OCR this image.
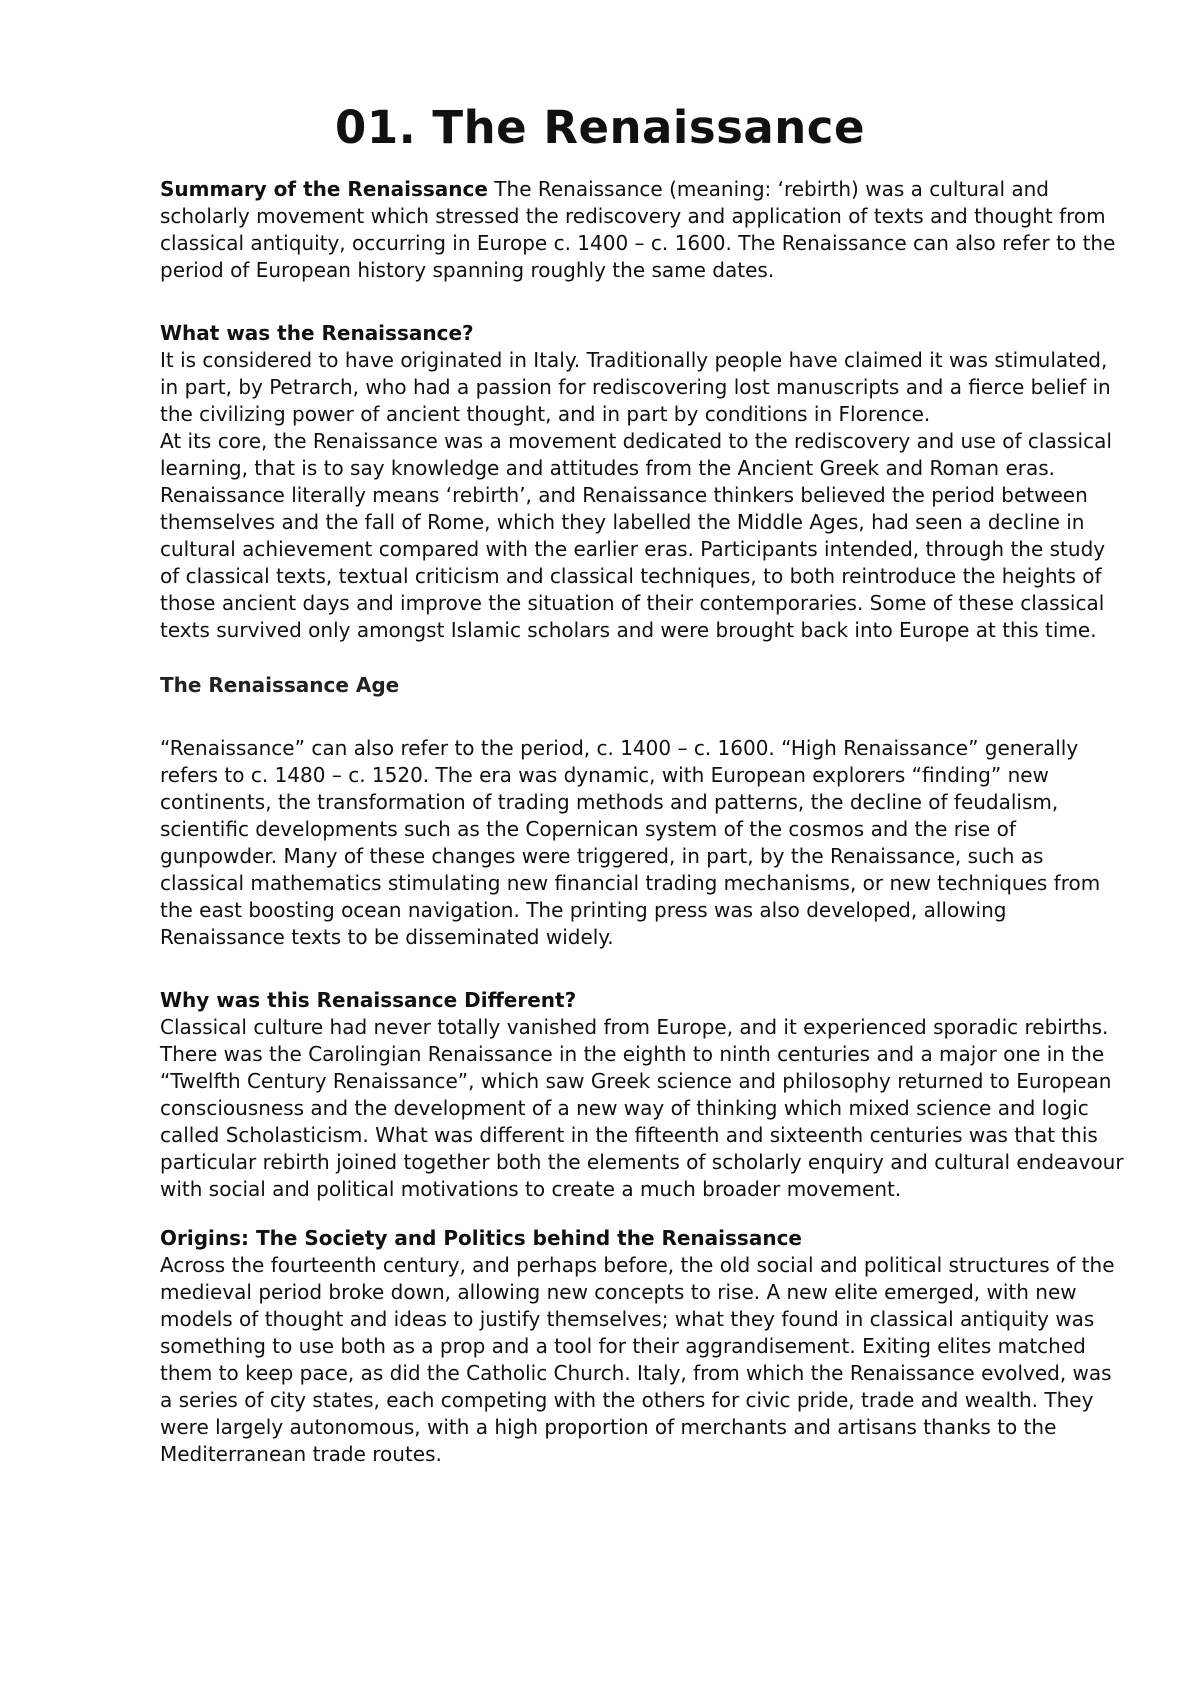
01. The Renaissance

Summary of the Renaissance The Renaissance (meaning: ‘rebirth) was a cultural and scholarly movement which stressed the rediscovery and application of texts and thought from classical antiquity, occurring in Europe c. 1400 – c. 1600. The Renaissance can also refer to the period of European history spanning roughly the same dates.

What was the Renaissance?

It is considered to have originated in Italy. Traditionally people have claimed it was stimulated, in part, by Petrarch, who had a passion for rediscovering lost manuscripts and a fierce belief in the civilizing power of ancient thought, and in part by conditions in Florence.

At its core, the Renaissance was a movement dedicated to the rediscovery and use of classical learning, that is to say knowledge and attitudes from the Ancient Greek and Roman eras. Renaissance literally means ‘rebirth’, and Renaissance thinkers believed the period between themselves and the fall of Rome, which they labelled the Middle Ages, had seen a decline in cultural achievement compared with the earlier eras. Participants intended, through the study of classical texts, textual criticism and classical techniques, to both reintroduce the heights of those ancient days and improve the situation of their contemporaries. Some of these classical texts survived only amongst Islamic scholars and were brought back into Europe at this time.

The Renaissance Age

“Renaissance” can also refer to the period, c. 1400 – c. 1600. “High Renaissance” generally refers to c. 1480 – c. 1520. The era was dynamic, with European explorers “finding” new continents, the transformation of trading methods and patterns, the decline of feudalism, scientific developments such as the Copernican system of the cosmos and the rise of gunpowder. Many of these changes were triggered, in part, by the Renaissance, such as classical mathematics stimulating new financial trading mechanisms, or new techniques from the east boosting ocean navigation. The printing press was also developed, allowing Renaissance texts to be disseminated widely.

Why was this Renaissance Different?

Classical culture had never totally vanished from Europe, and it experienced sporadic rebirths. There was the Carolingian Renaissance in the eighth to ninth centuries and a major one in the “Twelfth Century Renaissance”, which saw Greek science and philosophy returned to European consciousness and the development of a new way of thinking which mixed science and logic called Scholasticism. What was different in the fifteenth and sixteenth centuries was that this particular rebirth joined together both the elements of scholarly enquiry and cultural endeavour with social and political motivations to create a much broader movement.

Origins: The Society and Politics behind the Renaissance

Across the fourteenth century, and perhaps before, the old social and political structures of the medieval period broke down, allowing new concepts to rise. A new elite emerged, with new models of thought and ideas to justify themselves; what they found in classical antiquity was something to use both as a prop and a tool for their aggrandisement. Exiting elites matched them to keep pace, as did the Catholic Church. Italy, from which the Renaissance evolved, was a series of city states, each competing with the others for civic pride, trade and wealth. They were largely autonomous, with a high proportion of merchants and artisans thanks to the Mediterranean trade routes.
